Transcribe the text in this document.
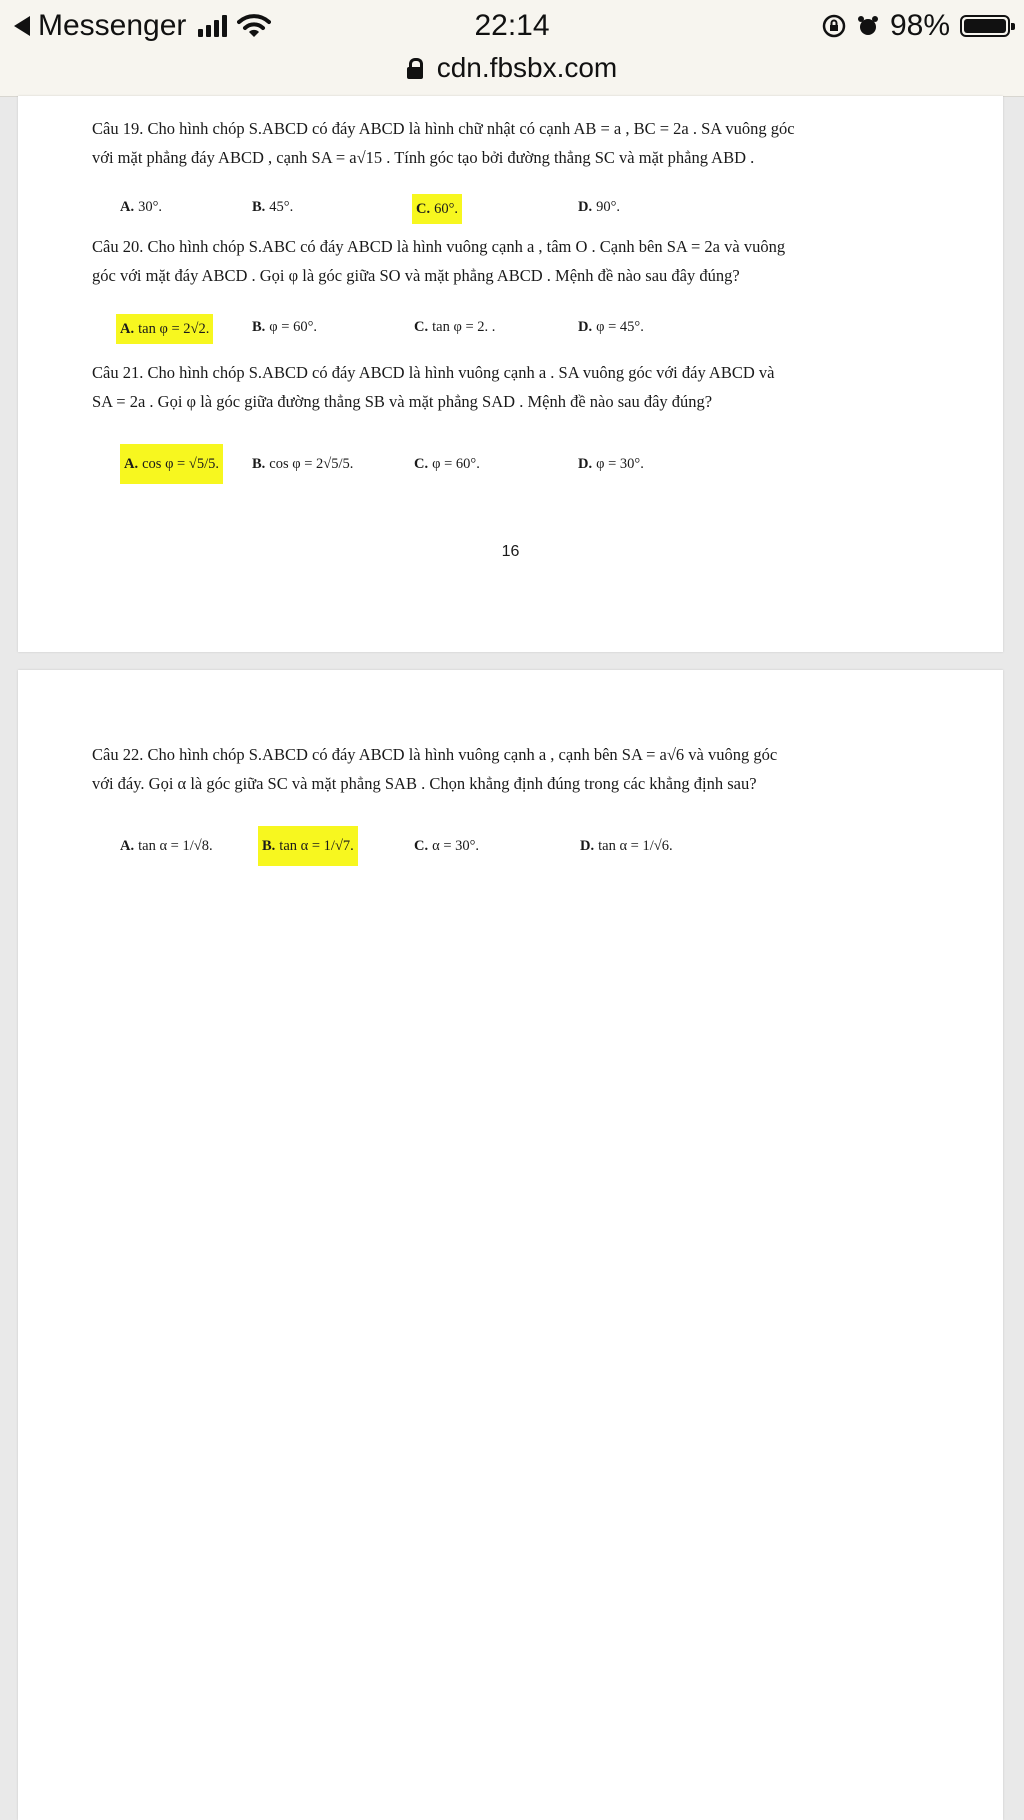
Messenger	22:14	98%
cdn.fbsbx.com
Câu 19. Cho hình chóp S.ABCD có đáy ABCD là hình chữ nhật có cạnh AB = a , BC = 2a . SA vuông góc
với mặt phẳng đáy ABCD , cạnh SA = a√15 . Tính góc tạo bởi đường thẳng SC và mặt phẳng ABD .
A. 30°.	B. 45°.	C. 60°.	D. 90°.
Câu 20. Cho hình chóp S.ABC có đáy ABCD là hình vuông cạnh a , tâm O . Cạnh bên SA = 2a và vuông
góc với mặt đáy ABCD . Gọi φ là góc giữa SO và mặt phẳng ABCD . Mệnh đề nào sau đây đúng?
A. tan φ = 2√2.	B. φ = 60°.	C. tan φ = 2. .	D. φ = 45°.
Câu 21. Cho hình chóp S.ABCD có đáy ABCD là hình vuông cạnh a . SA vuông góc với đáy ABCD và
SA = 2a . Gọi φ là góc giữa đường thẳng SB và mặt phẳng SAD . Mệnh đề nào sau đây đúng?
A. cos φ = √5/5. B. cos φ = 2√5/5.	C. φ = 60°.	D. φ = 30°.
16
Câu 22. Cho hình chóp S.ABCD có đáy ABCD là hình vuông cạnh a , cạnh bên SA = a√6 và vuông góc
với đáy. Gọi α là góc giữa SC và mặt phẳng SAB . Chọn khẳng định đúng trong các khẳng định sau?
A. tan α = 1/√8.	B. tan α = 1/√7.	C. α = 30°.	D. tan α = 1/√6.
